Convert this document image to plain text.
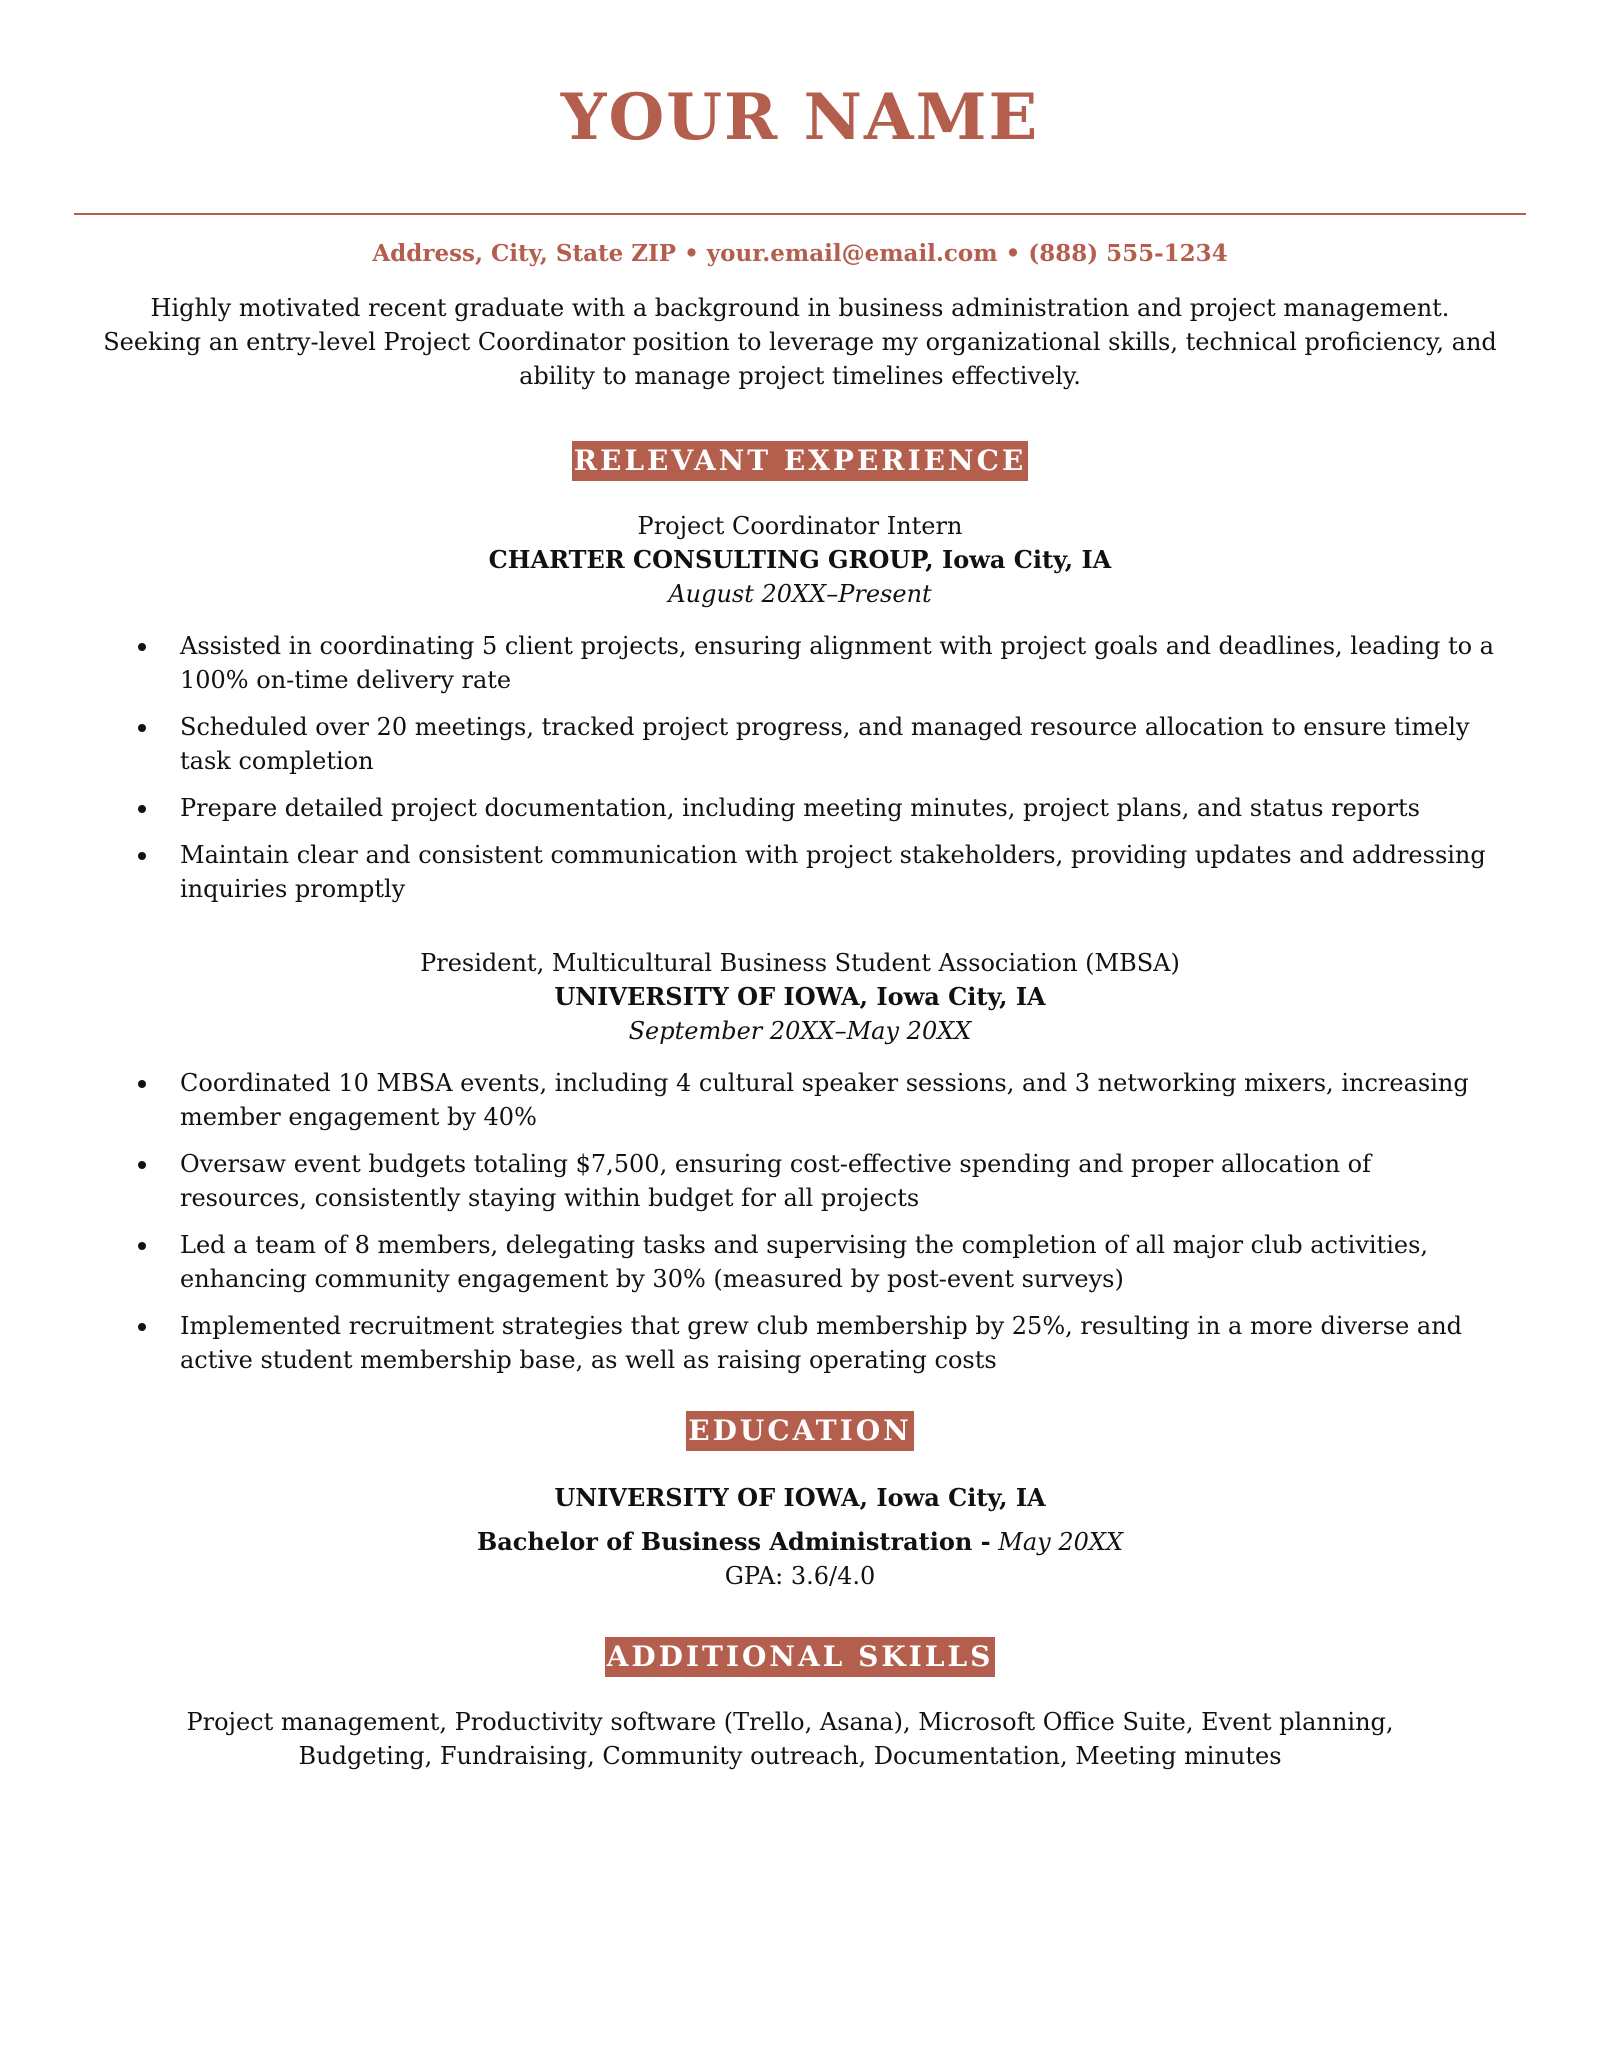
YOUR NAME
Address, City, State ZIP • your.email@email.com • (888) 555-1234

Highly motivated recent graduate with a background in business administration and project management. Seeking an entry-level Project Coordinator position to leverage my organizational skills, technical proficiency, and ability to manage project timelines effectively.

RELEVANT EXPERIENCE
Project Coordinator Intern
CHARTER CONSULTING GROUP, Iowa City, IA
August 20XX–Present
Assisted in coordinating 5 client projects, ensuring alignment with project goals and deadlines, leading to a 100% on-time delivery rate
Scheduled over 20 meetings, tracked project progress, and managed resource allocation to ensure timely task completion
Prepare detailed project documentation, including meeting minutes, project plans, and status reports
Maintain clear and consistent communication with project stakeholders, providing updates and addressing inquiries promptly
President, Multicultural Business Student Association (MBSA)
UNIVERSITY OF IOWA, Iowa City, IA
September 20XX–May 20XX
Coordinated 10 MBSA events, including 4 cultural speaker sessions, and 3 networking mixers, increasing member engagement by 40%
Oversaw event budgets totaling $7,500, ensuring cost-effective spending and proper allocation of resources, consistently staying within budget for all projects
Led a team of 8 members, delegating tasks and supervising the completion of all major club activities, enhancing community engagement by 30% (measured by post-event surveys)
Implemented recruitment strategies that grew club membership by 25%, resulting in a more diverse and active student membership base, as well as raising operating costs
EDUCATION
UNIVERSITY OF IOWA, Iowa City, IA
Bachelor of Business Administration - May 20XX
GPA: 3.6/4.0
ADDITIONAL SKILLS

Project management, Productivity software (Trello, Asana), Microsoft Office Suite, Event planning, Budgeting, Fundraising, Community outreach, Documentation, Meeting minutes
